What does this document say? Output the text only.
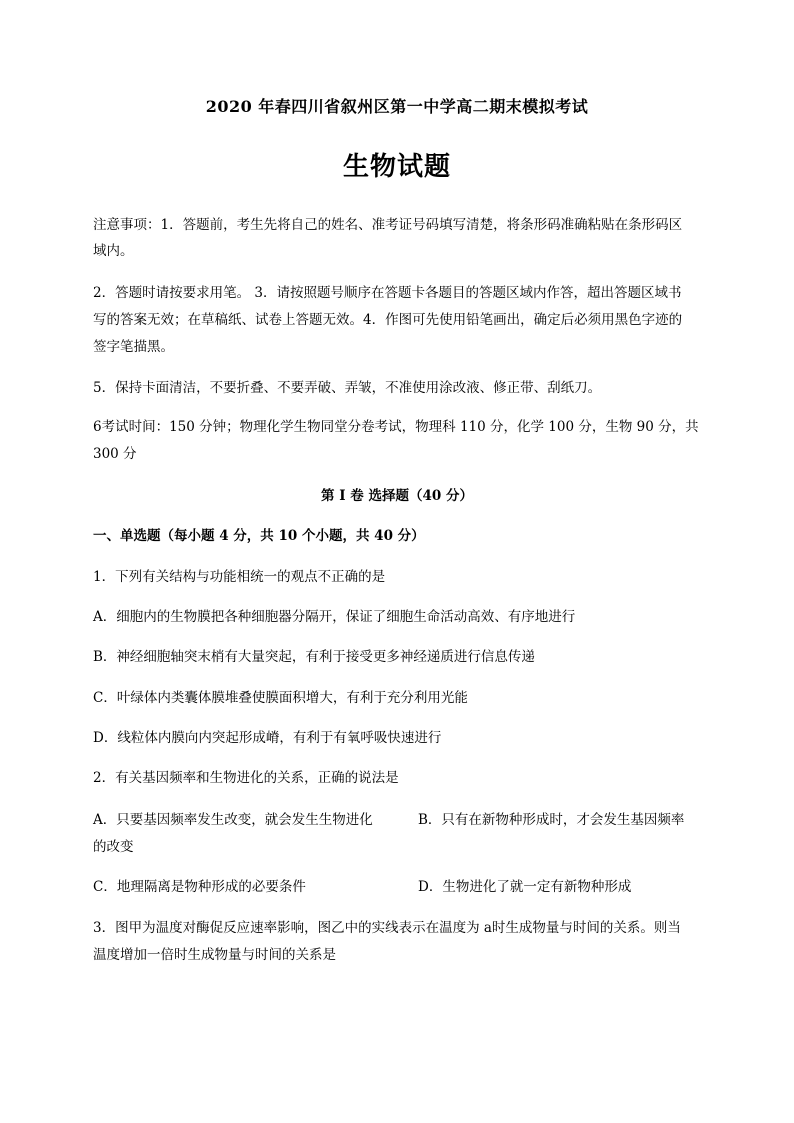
2020 年春四川省叙州区第一中学高二期末模拟考试
生物试题
注意事项：1．答题前，考生先将自己的姓名、准考证号码填写清楚，将条形码准确粘贴在条形码区
域内。
2．答题时请按要求用笔。 3．请按照题号顺序在答题卡各题目的答题区域内作答，超出答题区域书
写的答案无效；在草稿纸、试卷上答题无效。4．作图可先使用铅笔画出，确定后必须用黑色字迹的
签字笔描黑。
5．保持卡面清洁，不要折叠、不要弄破、弄皱，不准使用涂改液、修正带、刮纸刀。
6考试时间：150 分钟；物理化学生物同堂分卷考试，物理科 110 分，化学 100 分，生物 90 分，共
300 分
第 I 卷 选择题（40 分）
一、单选题（每小题 4 分，共 10 个小题，共 40 分）
1．下列有关结构与功能相统一的观点不正确的是
A．细胞内的生物膜把各种细胞器分隔开，保证了细胞生命活动高效、有序地进行
B．神经细胞轴突末梢有大量突起，有利于接受更多神经递质进行信息传递
C．叶绿体内类囊体膜堆叠使膜面积增大，有利于充分利用光能
D．线粒体内膜向内突起形成嵴，有利于有氧呼吸快速进行
2．有关基因频率和生物进化的关系，正确的说法是
A．只要基因频率发生改变，就会发生生物进化	B．只有在新物种形成时，才会发生基因频率
的改变
C．地理隔离是物种形成的必要条件	D．生物进化了就一定有新物种形成
3．图甲为温度对酶促反应速率影响，图乙中的实线表示在温度为 a时生成物量与时间的关系。则当
温度增加一倍时生成物量与时间的关系是
